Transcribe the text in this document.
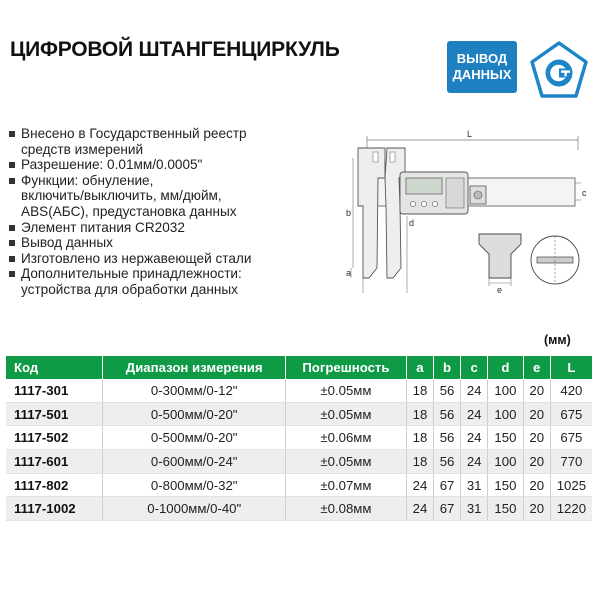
ЦИФРОВОЙ ШТАНГЕНЦИРКУЛЬ	ВЫВОД
ДАННЫХ
Внесено в Государственный реестр
средств измерений
Разрешение: 0.01мм/0.0005"
Функции: обнуление,
включить/выключить, мм/дюйм,
ABS(АБС), предустановка данных
Элемент питания CR2032
Вывод данных
Изготовлено из нержавеющей стали
Дополнительные принадлежности:
устройства для обработки данных
L
c
a
b
d
e
(мм)
Код	Диапазон измерения	Погрешность	a	b	c	d	e	L
1117-301	0-300мм/0-12"	±0.05мм	18	56	24	100	20	420
1117-501	0-500мм/0-20"	±0.05мм	18	56	24	100	20	675
1117-502	0-500мм/0-20"	±0.06мм	18	56	24	150	20	675
1117-601	0-600мм/0-24"	±0.05мм	18	56	24	100	20	770
1117-802	0-800мм/0-32"	±0.07мм	24	67	31	150	20	1025
1117-1002	0-1000мм/0-40"	±0.08мм	24	67	31	150	20	1220
